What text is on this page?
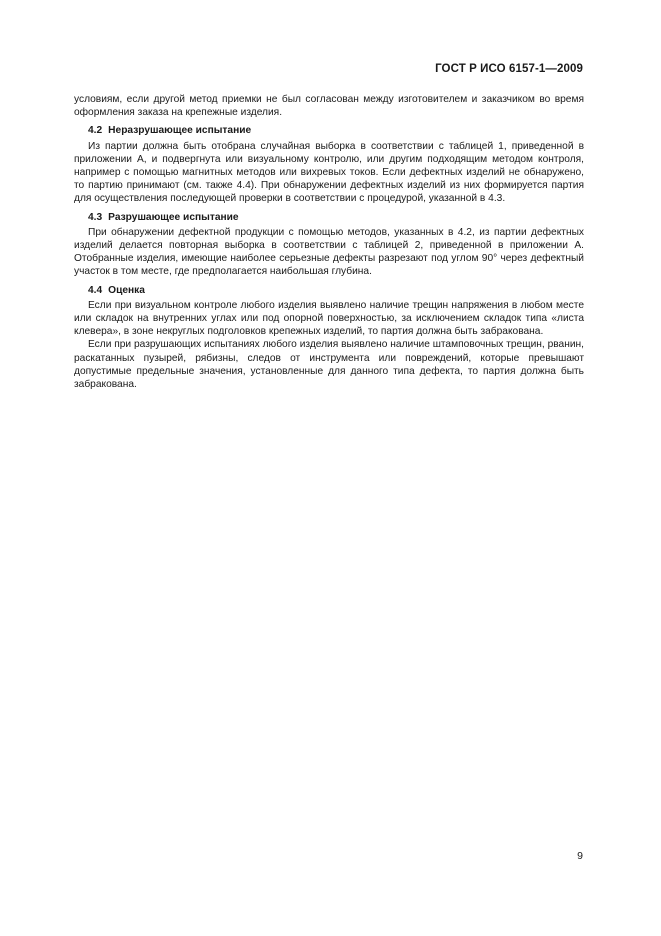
ГОСТ Р ИСО 6157-1—2009

условиям, если другой метод приемки не был согласован между изготовителем и заказчиком во время оформления заказа на крепежные изделия.

4.2 Неразрушающее испытание

Из партии должна быть отобрана случайная выборка в соответствии с таблицей 1, приведенной в приложении А, и подвергнута или визуальному контролю, или другим подходящим методом контроля, например с помощью магнитных методов или вихревых токов. Если дефектных изделий не обнаружено, то партию принимают (см. также 4.4). При обнаружении дефектных изделий из них формируется партия для осуществления последующей проверки в соответствии с процедурой, указанной в 4.3.

4.3 Разрушающее испытание

При обнаружении дефектной продукции с помощью методов, указанных в 4.2, из партии дефектных изделий делается повторная выборка в соответствии с таблицей 2, приведенной в приложении А. Отобранные изделия, имеющие наиболее серьезные дефекты разрезают под углом 90° через дефектный участок в том месте, где предполагается наибольшая глубина.

4.4 Оценка

Если при визуальном контроле любого изделия выявлено наличие трещин напряжения в любом месте или складок на внутренних углах или под опорной поверхностью, за исключением складок типа «листа клевера», в зоне некруглых подголовков крепежных изделий, то партия должна быть забракована.

Если при разрушающих испытаниях любого изделия выявлено наличие штамповочных трещин, рванин, раскатанных пузырей, рябизны, следов от инструмента или повреждений, которые превышают допустимые предельные значения, установленные для данного типа дефекта, то партия должна быть забракована.

9
